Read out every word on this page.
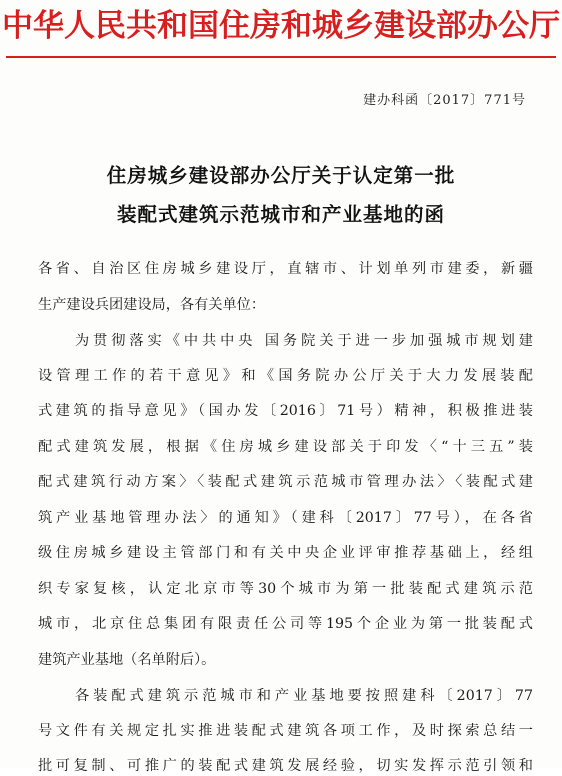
中华人民共和国住房和城乡建设部办公厅
建办科函〔2017〕771号
住房城乡建设部办公厅关于认定第一批
装配式建筑示范城市和产业基地的函
各省、自治区住房城乡建设厅，直辖市、计划单列市建委，新疆
生产建设兵团建设局，各有关单位：
为贯彻落实《中共中央 国务院关于进一步加强城市规划建
设管理工作的若干意见》和《国务院办公厅关于大力发展装配
式建筑的指导意见》（国办发〔2016〕71号）精神，积极推进装
配式建筑发展，根据《住房城乡建设部关于印发〈“十三五”装
配式建筑行动方案〉〈装配式建筑示范城市管理办法〉〈装配式建
筑产业基地管理办法〉的通知》（建科〔2017〕77号），在各省
级住房城乡建设主管部门和有关中央企业评审推荐基础上，经组
织专家复核，认定北京市等30个城市为第一批装配式建筑示范
城市，北京住总集团有限责任公司等195个企业为第一批装配式
建筑产业基地（名单附后）。
各装配式建筑示范城市和产业基地要按照建科〔2017〕77
号文件有关规定扎实推进装配式建筑各项工作，及时探索总结一
批可复制、可推广的装配式建筑发展经验，切实发挥示范引领和
